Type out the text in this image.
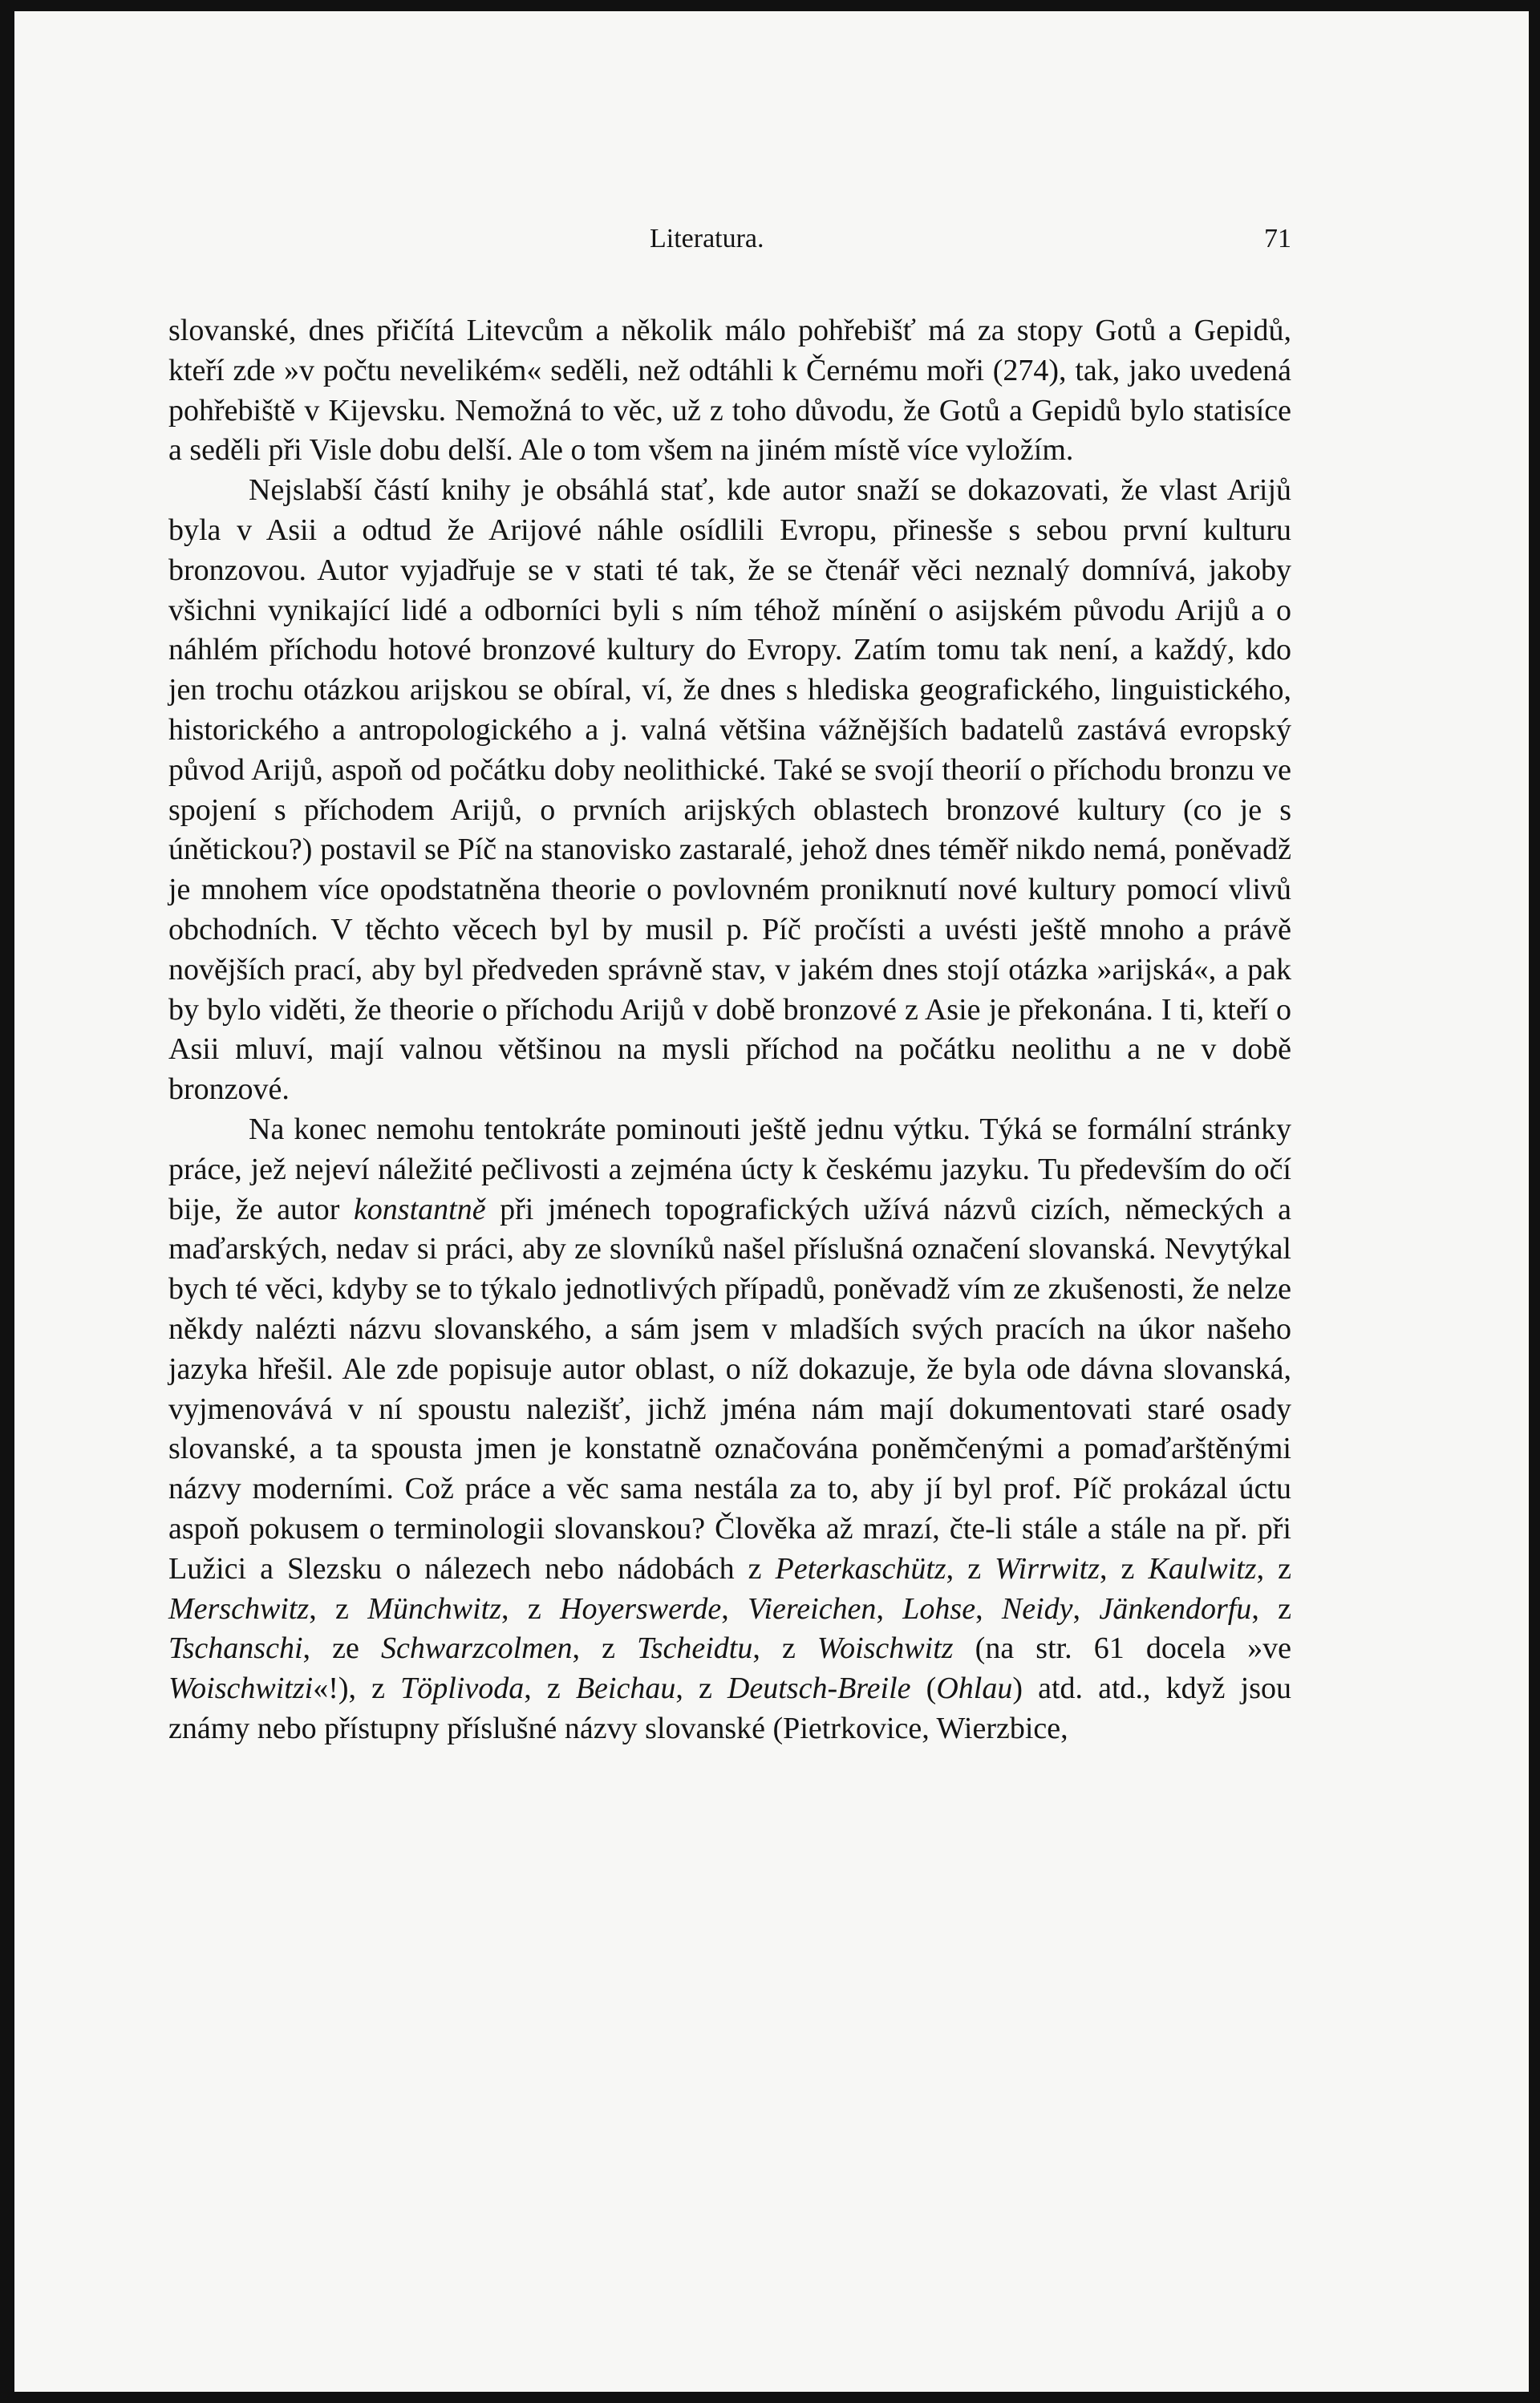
Literatura.	71

slovanské, dnes přičítá Litevcům a několik málo pohřebišť má za stopy Gotů a Gepidů, kteří zde »v počtu nevelikém« seděli, než odtáhli k Černému moři (274), tak, jako uvedená pohřebiště v Kijevsku. Nemožná to věc, už z toho důvodu, že Gotů a Gepidů bylo statisíce a seděli při Visle dobu delší. Ale o tom všem na jiném místě více vyložím.

Nejslabší částí knihy je obsáhlá stať, kde autor snaží se dokazovati, že vlast Arijů byla v Asii a odtud že Arijové náhle osídlili Evropu, přinesše s sebou první kulturu bronzovou. Autor vyjadřuje se v stati té tak, že se čtenář věci neznalý domnívá, jakoby všichni vynikající lidé a odborníci byli s ním téhož mínění o asijském původu Arijů a o náhlém příchodu hotové bronzové kultury do Evropy. Zatím tomu tak není, a každý, kdo jen trochu otázkou arijskou se obíral, ví, že dnes s hlediska geografického, linguistického, historického a antropologického a j. valná většina vážnějších badatelů zastává evropský původ Arijů, aspoň od počátku doby neolithické. Také se svojí theorií o příchodu bronzu ve spojení s příchodem Arijů, o prvních arijských oblastech bronzové kultury (co je s únětickou?) postavil se Píč na stanovisko zastaralé, jehož dnes téměř nikdo nemá, poněvadž je mnohem více opodstatněna theorie o povlovném proniknutí nové kultury pomocí vlivů obchodních. V těchto věcech byl by musil p. Píč pročísti a uvésti ještě mnoho a právě novějších prací, aby byl předveden správně stav, v jakém dnes stojí otázka »arijská«, a pak by bylo viděti, že theorie o příchodu Arijů v době bronzové z Asie je překonána. I ti, kteří o Asii mluví, mají valnou většinou na mysli příchod na počátku neolithu a ne v době bronzové.

Na konec nemohu tentokráte pominouti ještě jednu výtku. Týká se formální stránky práce, jež nejeví náležité pečlivosti a zejména úcty k českému jazyku. Tu především do očí bije, že autor konstantně při jménech topografických užívá názvů cizích, německých a maďarských, nedav si práci, aby ze slovníků našel příslušná označení slovanská. Nevytýkal bych té věci, kdyby se to týkalo jednotlivých případů, poněvadž vím ze zkušenosti, že nelze někdy nalézti názvu slovanského, a sám jsem v mladších svých pracích na úkor našeho jazyka hřešil. Ale zde popisuje autor oblast, o níž dokazuje, že byla ode dávna slovanská, vyjmenovává v ní spoustu nalezišť, jichž jména nám mají dokumentovati staré osady slovanské, a ta spousta jmen je konstatně označována poněmčenými a pomaďarštěnými názvy moderními. Což práce a věc sama nestála za to, aby jí byl prof. Píč prokázal úctu aspoň pokusem o terminologii slovanskou? Člověka až mrazí, čte-li stále a stále na př. při Lužici a Slezsku o nálezech nebo nádobách z Peterkaschütz, z Wirrwitz, z Kaulwitz, z Merschwitz, z Münchwitz, z Hoyerswerde, Viereichen, Lohse, Neidy, Jänkendorfu, z Tschanschi, ze Schwarzcolmen, z Tscheidtu, z Woischwitz (na str. 61 docela »ve Woischwitzi«!), z Töplivoda, z Beichau, z Deutsch-Breile (Ohlau) atd. atd., když jsou známy nebo přístupny příslušné názvy slovanské (Pietrkovice, Wierzbice,
